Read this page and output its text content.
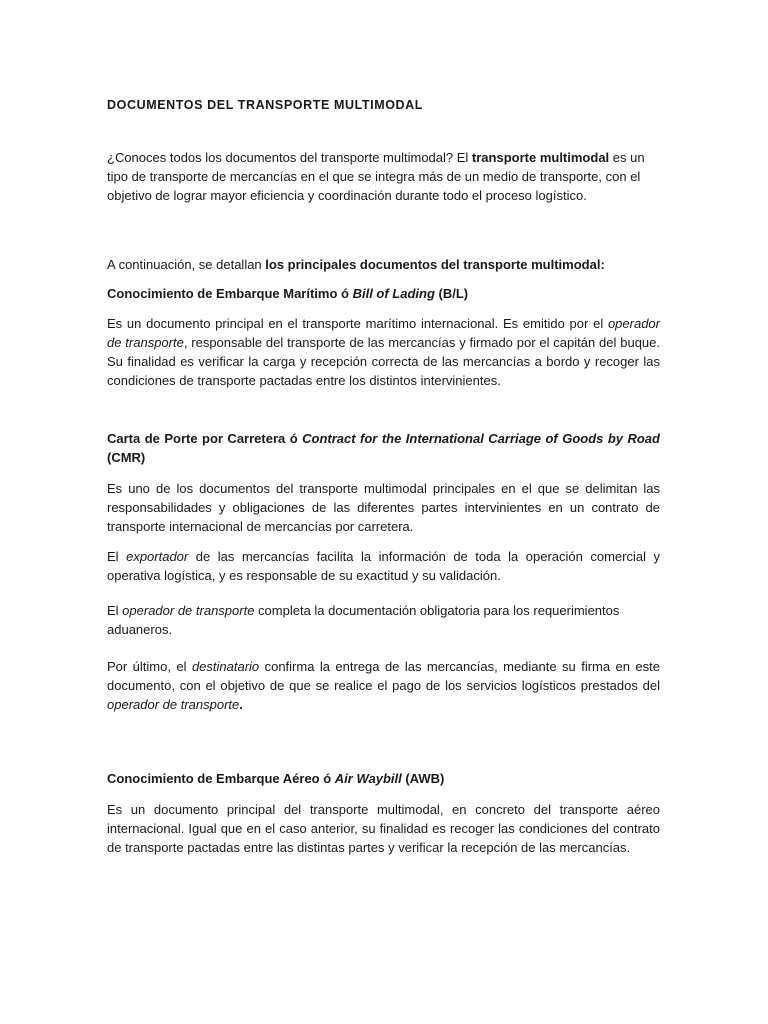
DOCUMENTOS DEL TRANSPORTE MULTIMODAL

¿Conoces todos los documentos del transporte multimodal? El transporte multimodal es un tipo de transporte de mercancías en el que se integra más de un medio de transporte, con el objetivo de lograr mayor eficiencia y coordinación durante todo el proceso logístico.

A continuación, se detallan los principales documentos del transporte multimodal:

Conocimiento de Embarque Marítimo ó Bill of Lading (B/L)

Es un documento principal en el transporte marítimo internacional. Es emitido por el operador de transporte, responsable del transporte de las mercancías y firmado por el capitán del buque. Su finalidad es verificar la carga y recepción correcta de las mercancías a bordo y recoger las condiciones de transporte pactadas entre los distintos intervinientes.

Carta de Porte por Carretera ó Contract for the International Carriage of Goods by Road (CMR)

Es uno de los documentos del transporte multimodal principales en el que se delimitan las responsabilidades y obligaciones de las diferentes partes intervinientes en un contrato de transporte internacional de mercancías por carretera.

El exportador de las mercancías facilita la información de toda la operación comercial y operativa logística, y es responsable de su exactitud y su validación.

El operador de transporte completa la documentación obligatoria para los requerimientos aduaneros.

Por último, el destinatario confirma la entrega de las mercancías, mediante su firma en este documento, con el objetivo de que se realice el pago de los servicios logísticos prestados del operador de transporte.

Conocimiento de Embarque Aéreo ó Air Waybill (AWB)

Es un documento principal del transporte multimodal, en concreto del transporte aéreo internacional. Igual que en el caso anterior, su finalidad es recoger las condiciones del contrato de transporte pactadas entre las distintas partes y verificar la recepción de las mercancías.
